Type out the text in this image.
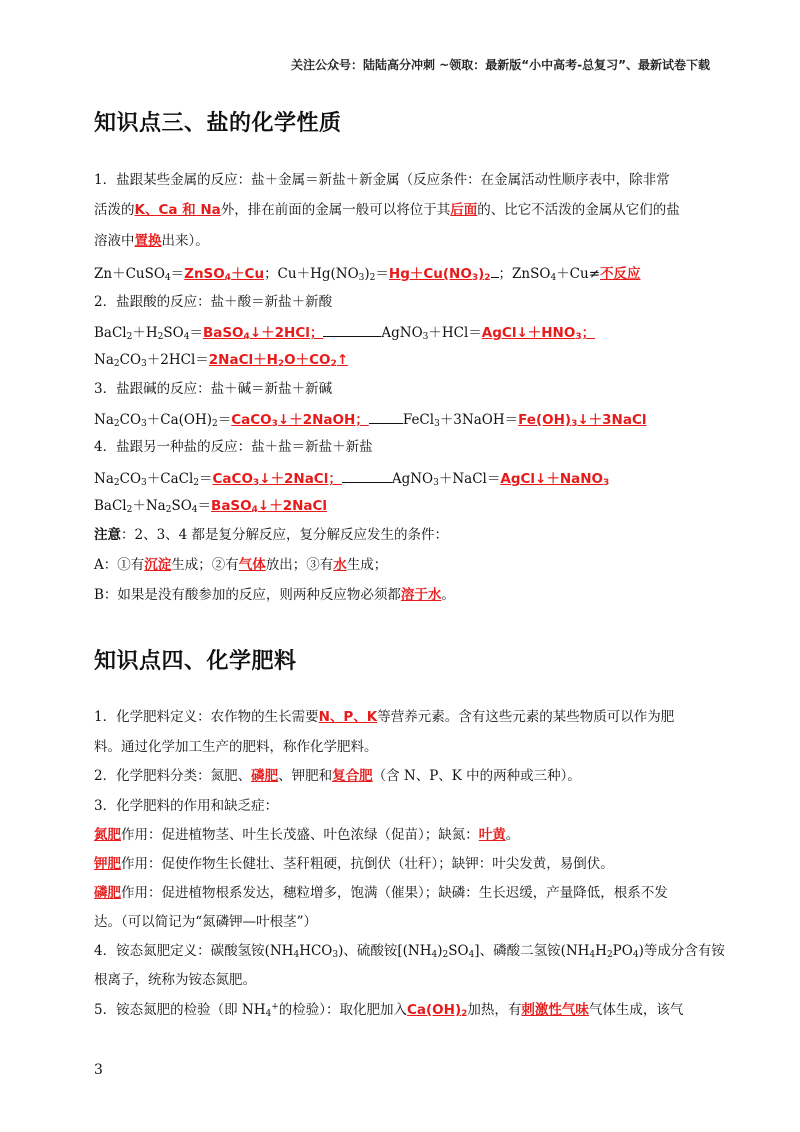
关注公众号：陆陆高分冲刺 ~领取：最新版“小中高考-总复习”、最新试卷下载
知识点三、盐的化学性质
1．盐跟某些金属的反应：盐＋金属＝新盐＋新金属（反应条件：在金属活动性顺序表中，除非常
活泼的K、Ca 和 Na外，排在前面的金属一般可以将位于其后面的、比它不活泼的金属从它们的盐
溶液中置换出来）。
Zn＋CuSO$_4$＝ZnSO$_4$＋Cu；$Cu+Hg(NO_3)_2=Hg+Cu(NO_3)_2$ ；ZnSO$_4$＋Cu≠不反应
2．盐跟酸的反应：盐＋酸＝新盐＋新酸
$BaCl_2+H_2SO_4=BaSO_4↓+2HCl$；	$AgNO_3+HCl=AgCl↓+HNO_3$；
$Na_2CO_3+2HCl=2NaCl+H_2O+CO_2↑$
3．盐跟碱的反应：盐＋碱＝新盐＋新碱
$Na_2CO_3+Ca(OH)_2=CaCO_3↓+2NaOH$；	$FeCl_3+3NaOH=Fe(OH)_3↓+3NaCl$
4．盐跟另一种盐的反应：盐＋盐＝新盐＋新盐
$Na_2CO_3+CaCl_2=CaCO_3↓+2NaCl$；	AgNO$_3$＋NaCl＝AgCl↓＋NaNO$_3$
$BaCl_2+Na_2SO_4=BaSO_4↓+2NaCl$
注意：2、3、4 都是复分解反应，复分解反应发生的条件：
A：①有沉淀生成；②有气体放出；③有水生成；
B：如果是没有酸参加的反应，则两种反应物必须都溶于水。
知识点四、化学肥料
1．化学肥料定义：农作物的生长需要N、P、K等营养元素。含有这些元素的某些物质可以作为肥
料。通过化学加工生产的肥料，称作化学肥料。
2．化学肥料分类：氮肥、磷肥、钾肥和复合肥（含 N、P、K 中的两种或三种）。
3．化学肥料的作用和缺乏症：
氮肥作用：促进植物茎、叶生长茂盛、叶色浓绿（促苗）；缺氮：叶黄。
钾肥作用：促使作物生长健壮、茎秆粗硬，抗倒伏（壮秆）；缺钾：叶尖发黄，易倒伏。
磷肥作用：促进植物根系发达，穗粒增多，饱满（催果）；缺磷：生长迟缓，产量降低，根系不发
达。（可以简记为“氮磷钾—叶根茎”）
4．铵态氮肥定义：碳酸氢铵$(NH_4HCO_3)$、硫酸铵$[(NH_4)_2SO_4]$、磷酸二氢铵$(NH_4H_2PO_4)$等成分含有铵
根离子，统称为铵态氮肥。
5．铵态氮肥的检验（即 $NH_4^+$的检验）：取化肥加入$Ca(OH)_2$加热，有刺激性气味气体生成，该气
3
